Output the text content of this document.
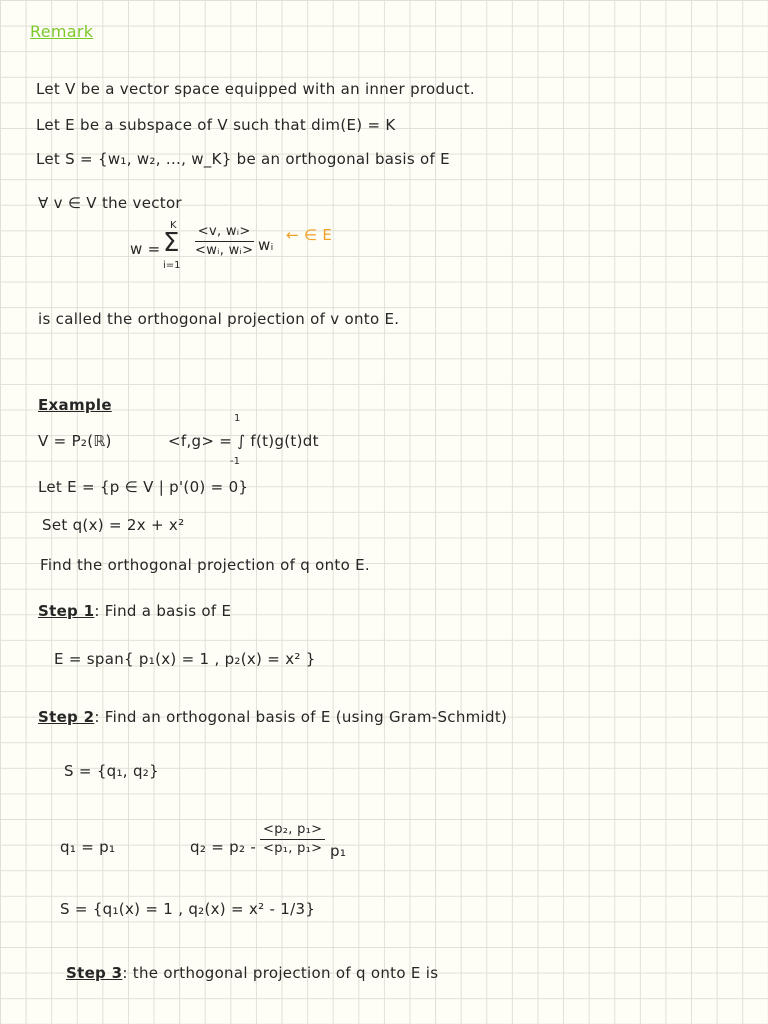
Remark
Let V be a vector space equipped with an inner product.
Let E be a subspace of V such that dim(E) = K
Let S = {w₁, w₂, ..., w_K} be an orthogonal basis of E
∀ v ∈ V the vector
w =
K
Σ
i=1
$\frac{\text{<v, wᵢ>}}{\text{<wᵢ, wᵢ>}}$ wᵢ
← ∈ E
is called the orthogonal projection of v onto E.
Example
V = P₂(ℝ)
1
<f,g> = ∫ f(t)g(t)dt
-1
Let E = {p ∈ V | p'(0) = 0}
Set q(x) = 2x + x²
Find the orthogonal projection of q onto E.
Step 1: Find a basis of E
E = span{ p₁(x) = 1 , p₂(x) = x² }
Step 2: Find an orthogonal basis of E (using Gram-Schmidt)
S = {q₁, q₂}
q₁ = p₁	$q_2 = p_2 - \frac{\text{<p₂, p₁>}}{\text{<p₁, p₁>}} p_1$
S = {q₁(x) = 1 , q₂(x) = x² - 1/3}
Step 3: the orthogonal projection of q onto E is
